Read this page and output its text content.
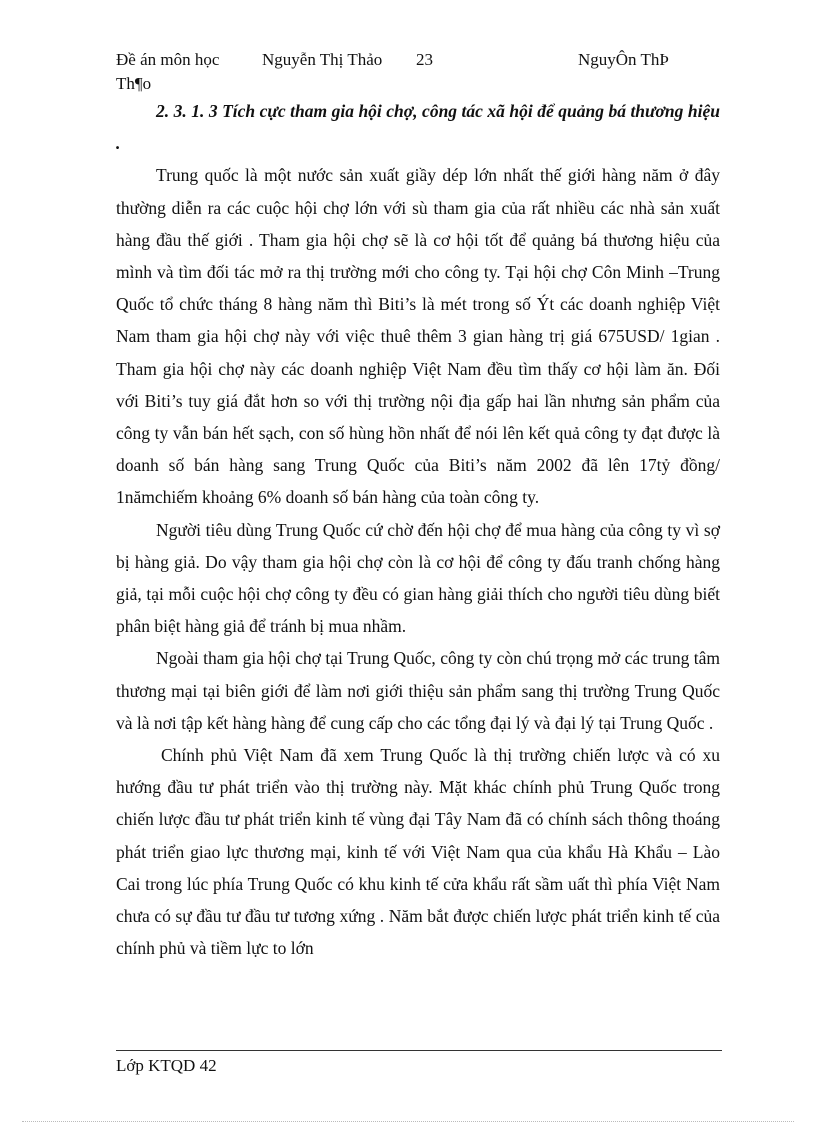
Đề án môn học	Nguyễn Thị Thảo 23	NguyÔn ThÞ
Th¶o

2. 3. 1. 3 Tích cực tham gia hội chợ, công tác xã hội để quảng bá thương hiệu .

Trung quốc là một nước sản xuất giầy dép lớn nhất thế giới hàng năm ở đây thường diễn ra các cuộc hội chợ lớn với sù tham gia của rất nhiều các nhà sản xuất hàng đầu thế giới . Tham gia hội chợ sẽ là cơ hội tốt để quảng bá thương hiệu của mình và tìm đối tác mở ra thị trường mới cho công ty. Tại hội chợ Côn Minh –Trung Quốc tổ chức tháng 8 hàng năm thì Biti’s là mét trong số Ýt các doanh nghiệp Việt Nam tham gia hội chợ này với việc thuê thêm 3 gian hàng trị giá 675USD/ 1gian . Tham gia hội chợ này các doanh nghiệp Việt Nam đều tìm thấy cơ hội làm ăn. Đối với Biti’s tuy giá đắt hơn so với thị trường nội địa gấp hai lần nhưng sản phẩm của công ty vẫn bán hết sạch, con số hùng hồn nhất để nói lên kết quả công ty đạt được là doanh số bán hàng sang Trung Quốc của Biti’s năm 2002 đã lên 17tỷ đồng/ 1nămchiếm khoảng 6% doanh số bán hàng của toàn công ty.

Người tiêu dùng Trung Quốc cứ chờ đến hội chợ để mua hàng của công ty vì sợ bị hàng giả. Do vậy tham gia hội chợ còn là cơ hội để công ty đấu tranh chống hàng giả, tại mỗi cuộc hội chợ công ty đều có gian hàng giải thích cho người tiêu dùng biết phân biệt hàng giả để tránh bị mua nhầm.

Ngoài tham gia hội chợ tại Trung Quốc, công ty còn chú trọng mở các trung tâm thương mại tại biên giới để làm nơi giới thiệu sản phẩm sang thị trường Trung Quốc và là nơi tập kết hàng hàng để cung cấp cho các tổng đại lý và đại lý tại Trung Quốc .

Chính phủ Việt Nam đã xem Trung Quốc là thị trường chiến lược và có xu hướng đầu tư phát triển vào thị trường này. Mặt khác chính phủ Trung Quốc trong chiến lược đầu tư phát triển kinh tế vùng đại Tây Nam đã có chính sách thông thoáng phát triển giao lực thương mại, kinh tế với Việt Nam qua của khẩu Hà Khẩu – Lào Cai trong lúc phía Trung Quốc có khu kinh tế cửa khẩu rất sầm uất thì phía Việt Nam chưa có sự đầu tư đầu tư tương xứng . Năm bắt được chiến lược phát triển kinh tế của chính phủ và tiềm lực to lớn

Lớp KTQD 42
